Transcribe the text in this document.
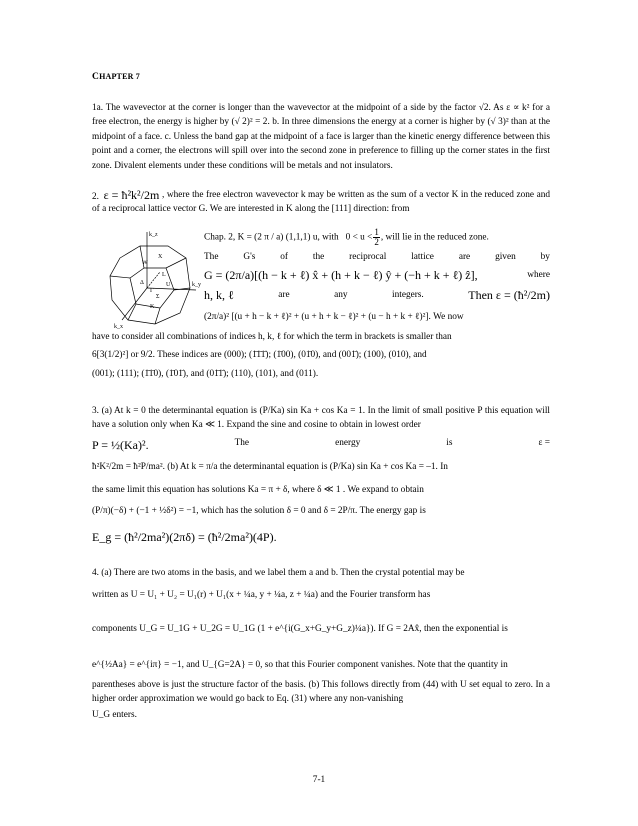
CHAPTER 7
1a. The wavevector at the corner is longer than the wavevector at the midpoint of a side by the factor √2. As ε ∝ k² for a free electron, the energy is higher by (√ 2)² = 2. b. In three dimensions the energy at a corner is higher by (√ 3)² than at the midpoint of a face. c. Unless the band gap at the midpoint of a face is larger than the kinetic energy difference between this point and a corner, the electrons will spill over into the second zone in preference to filling up the corner states in the first zone. Divalent elements under these conditions will be metals and not insulators.
2. ε = ħ²k²/2m , where the free electron wavevector k may be written as the sum of a vector K in the reduced zone and of a reciprocal lattice vector G. We are interested in K along the [111] direction: from
k_z
k_y
k_x
W
X
L
U
Γ
Δ
Σ
K
Chap. 2, K = (2 π / a) (1,1,1) u, with $0 < u < \frac{1}{2}$ , will lie in the reduced zone.
The	G's	of	the	reciprocal	lattice	are	given	by
G = (2π/a)[(h − k + ℓ) x̂ + (h + k − ℓ) ŷ + (−h + k + ℓ) ẑ],	where
h, k, ℓ	are	any	integers.	Then ε = (ħ²/2m)
(2π/a)² [(u + h − k + ℓ)² + (u + h + k − ℓ)² + (u − h + k + ℓ)²]. We now
have to consider all combinations of indices h, k, ℓ for which the term in brackets is smaller than
6[3(1/2)²] or 9/2. These indices are (000); (1̄1̄1̄); (1̄00), (01̄0), and (001̄); (100), (010), and
(001); (111); (1̄1̄0), (1̄01̄), and (01̄1̄); (110), (101), and (011).
3. (a) At k = 0 the determinantal equation is (P/Ka) sin Ka + cos Ka = 1. In the limit of small positive P this equation will have a solution only when Ka ≪ 1. Expand the sine and cosine to obtain in lowest order
P = ½(Ka)².	The	energy	is	ε =
ħ²K²/2m = ħ²P/ma². (b) At k = π/a the determinantal equation is (P/Ka) sin Ka + cos Ka = –1. In
the same limit this equation has solutions Ka = π + δ, where δ ≪ 1 . We expand to obtain
(P/π)(−δ) + (−1 + ½δ²) = −1, which has the solution δ = 0 and δ = 2P/π. The energy gap is
E_g = (ħ²/2ma²)(2πδ) = (ħ²/2ma²)(4P).
4. (a) There are two atoms in the basis, and we label them a and b. Then the crystal potential may be
written as U = U₁ + U₂ = U₁(r) + U₁(x + ¼a, y + ¼a, z + ¼a) and the Fourier transform has
components U_G = U_1G + U_2G = U_1G (1 + e^{i(G_x+G_y+G_z)¼a}). If G = 2Ax̂, then the exponential is
e^{½Aa} = e^{iπ} = −1, and U_{G=2A} = 0, so that this Fourier component vanishes. Note that the quantity in
parentheses above is just the structure factor of the basis. (b) This follows directly from (44) with U set equal to zero. In a higher order approximation we would go back to Eq. (31) where any non-vanishing
U_G enters.
7-1
